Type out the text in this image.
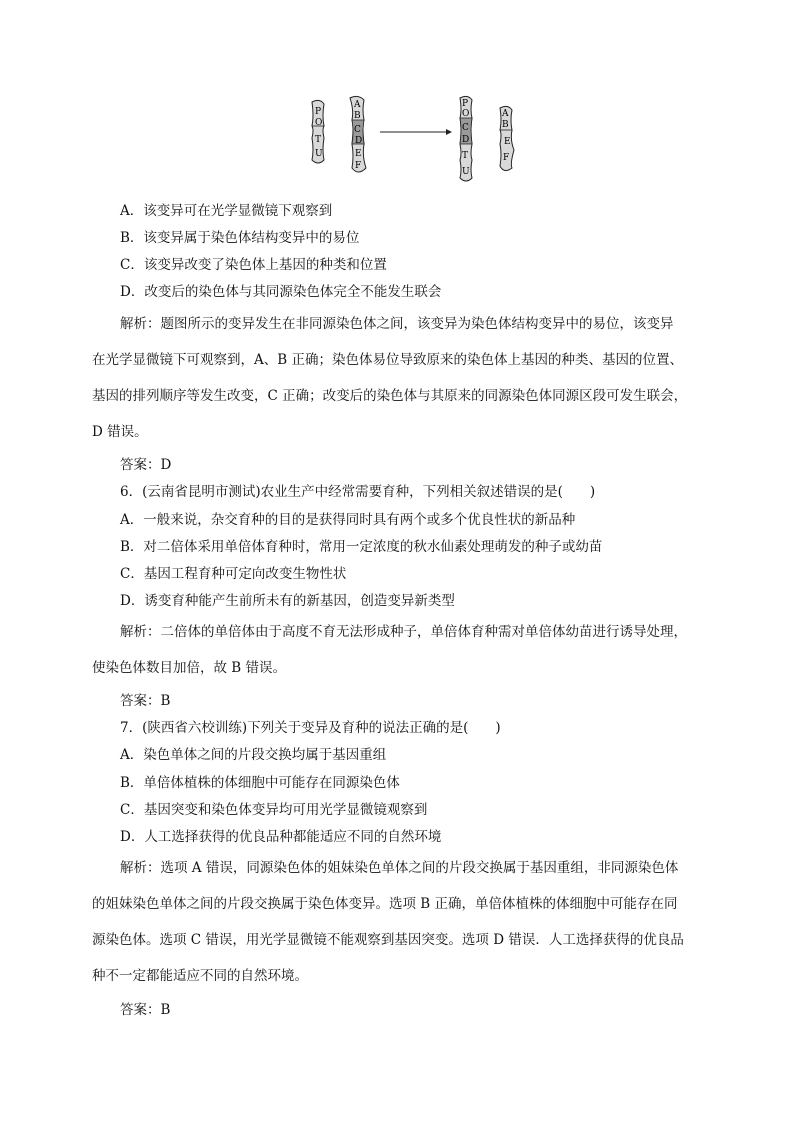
P
O
T
U
A
B
C
D
E
F
P
O
C
D
T
U
A
B
E
F
A．该变异可在光学显微镜下观察到
B．该变异属于染色体结构变异中的易位
C．该变异改变了染色体上基因的种类和位置
D．改变后的染色体与其同源染色体完全不能发生联会
解析：题图所示的变异发生在非同源染色体之间，该变异为染色体结构变异中的易位，该变异
在光学显微镜下可观察到，A、B 正确；染色体易位导致原来的染色体上基因的种类、基因的位置、
基因的排列顺序等发生改变，C 正确；改变后的染色体与其原来的同源染色体同源区段可发生联会，
D 错误。
答案：D
6．(云南省昆明市测试)农业生产中经常需要育种，下列相关叙述错误的是(　　)
A．一般来说，杂交育种的目的是获得同时具有两个或多个优良性状的新品种
B．对二倍体采用单倍体育种时，常用一定浓度的秋水仙素处理萌发的种子或幼苗
C．基因工程育种可定向改变生物性状
D．诱变育种能产生前所未有的新基因，创造变异新类型
解析：二倍体的单倍体由于高度不育无法形成种子，单倍体育种需对单倍体幼苗进行诱导处理，
使染色体数目加倍，故 B 错误。
答案：B
7．(陕西省六校训练)下列关于变异及育种的说法正确的是(　　)
A．染色单体之间的片段交换均属于基因重组
B．单倍体植株的体细胞中可能存在同源染色体
C．基因突变和染色体变异均可用光学显微镜观察到
D．人工选择获得的优良品种都能适应不同的自然环境
解析：选项 A 错误，同源染色体的姐妹染色单体之间的片段交换属于基因重组，非同源染色体
的姐妹染色单体之间的片段交换属于染色体变异。选项 B 正确，单倍体植株的体细胞中可能存在同
源染色体。选项 C 错误，用光学显微镜不能观察到基因突变。选项 D 错误．人工选择获得的优良品
种不一定都能适应不同的自然环境。
答案：B
